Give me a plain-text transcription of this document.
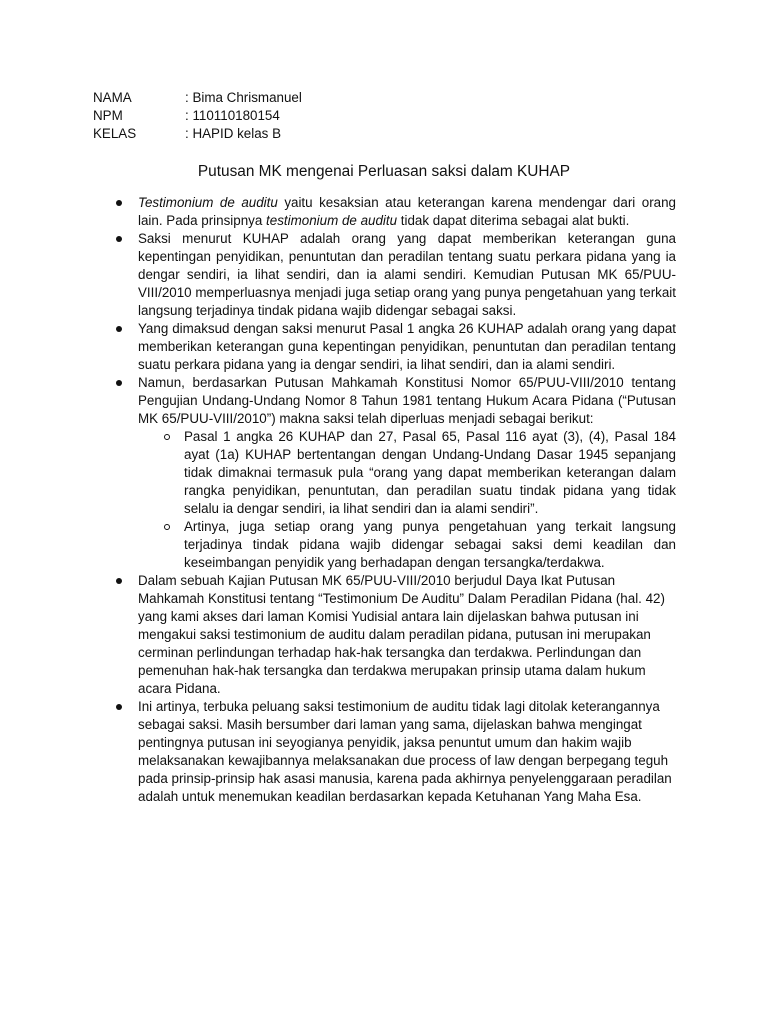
NAMA	: Bima Chrismanuel
NPM	: 110110180154
KELAS	: HAPID kelas B
Putusan MK mengenai Perluasan saksi dalam KUHAP

Testimonium de auditu yaitu kesaksian atau keterangan karena mendengar dari orang lain. Pada prinsipnya testimonium de auditu tidak dapat diterima sebagai alat bukti.

Saksi menurut KUHAP adalah orang yang dapat memberikan keterangan guna kepentingan penyidikan, penuntutan dan peradilan tentang suatu perkara pidana yang ia dengar sendiri, ia lihat sendiri, dan ia alami sendiri. Kemudian Putusan MK 65/PUU-VIII/2010 memperluasnya menjadi juga setiap orang yang punya pengetahuan yang terkait langsung terjadinya tindak pidana wajib didengar sebagai saksi.

Yang dimaksud dengan saksi menurut Pasal 1 angka 26 KUHAP adalah orang yang dapat memberikan keterangan guna kepentingan penyidikan, penuntutan dan peradilan tentang suatu perkara pidana yang ia dengar sendiri, ia lihat sendiri, dan ia alami sendiri.

Namun, berdasarkan Putusan Mahkamah Konstitusi Nomor 65/PUU-VIII/2010 tentang Pengujian Undang-Undang Nomor 8 Tahun 1981 tentang Hukum Acara Pidana (“Putusan MK 65/PUU-VIII/2010”) makna saksi telah diperluas menjadi sebagai berikut:

Pasal 1 angka 26 KUHAP dan 27, Pasal 65, Pasal 116 ayat (3), (4), Pasal 184 ayat (1a) KUHAP bertentangan dengan Undang-Undang Dasar 1945 sepanjang tidak dimaknai termasuk pula “orang yang dapat memberikan keterangan dalam rangka penyidikan, penuntutan, dan peradilan suatu tindak pidana yang tidak selalu ia dengar sendiri, ia lihat sendiri dan ia alami sendiri”.

Artinya, juga setiap orang yang punya pengetahuan yang terkait langsung terjadinya tindak pidana wajib didengar sebagai saksi demi keadilan dan keseimbangan penyidik yang berhadapan dengan tersangka/terdakwa.

Dalam sebuah Kajian Putusan MK 65/PUU-VIII/2010 berjudul Daya Ikat Putusan Mahkamah Konstitusi tentang “Testimonium De Auditu” Dalam Peradilan Pidana (hal. 42) yang kami akses dari laman Komisi Yudisial antara lain dijelaskan bahwa putusan ini mengakui saksi testimonium de auditu dalam peradilan pidana, putusan ini merupakan cerminan perlindungan terhadap hak-hak tersangka dan terdakwa. Perlindungan dan pemenuhan hak-hak tersangka dan terdakwa merupakan prinsip utama dalam hukum acara Pidana.

Ini artinya, terbuka peluang saksi testimonium de auditu tidak lagi ditolak keterangannya sebagai saksi. Masih bersumber dari laman yang sama, dijelaskan bahwa mengingat pentingnya putusan ini seyogianya penyidik, jaksa penuntut umum dan hakim wajib melaksanakan kewajibannya melaksanakan due process of law dengan berpegang teguh pada prinsip-prinsip hak asasi manusia, karena pada akhirnya penyelenggaraan peradilan adalah untuk menemukan keadilan berdasarkan kepada Ketuhanan Yang Maha Esa.
